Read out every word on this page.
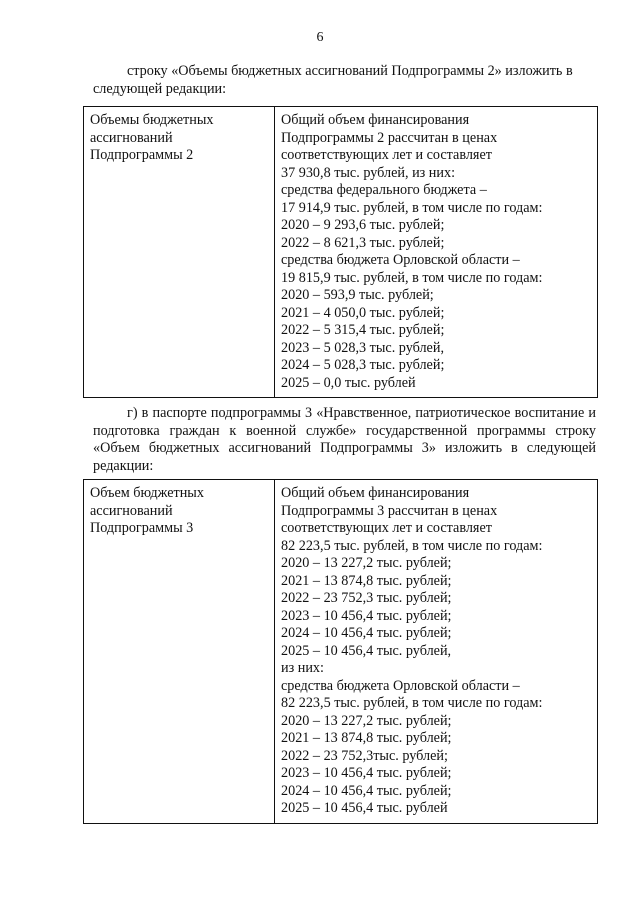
6

строку «Объемы бюджетных ассигнований Подпрограммы 2» изложить в следующей редакции:

Объемы бюджетных
ассигнований
Подпрограммы 2

Общий объем финансирования
Подпрограммы 2 рассчитан в ценах
соответствующих лет и составляет
37 930,8 тыс. рублей, из них:
средства федерального бюджета –
17 914,9 тыс. рублей, в том числе по годам:
2020 – 9 293,6 тыс. рублей;
2022 – 8 621,3 тыс. рублей;
средства бюджета Орловской области –
19 815,9 тыс. рублей, в том числе по годам:
2020 – 593,9 тыс. рублей;
2021 – 4 050,0 тыс. рублей;
2022 – 5 315,4 тыс. рублей;
2023 – 5 028,3 тыс. рублей,
2024 – 5 028,3 тыс. рублей;
2025 – 0,0 тыс. рублей

г) в паспорте подпрограммы 3 «Нравственное, патриотическое воспитание и подготовка граждан к военной службе» государственной программы строку «Объем бюджетных ассигнований Подпрограммы 3» изложить в следующей редакции:

Объем бюджетных
ассигнований
Подпрограммы 3

Общий объем финансирования
Подпрограммы 3 рассчитан в ценах
соответствующих лет и составляет
82 223,5 тыс. рублей, в том числе по годам:
2020 – 13 227,2 тыс. рублей;
2021 – 13 874,8 тыс. рублей;
2022 – 23 752,3 тыс. рублей;
2023 – 10 456,4 тыс. рублей;
2024 – 10 456,4 тыс. рублей;
2025 – 10 456,4 тыс. рублей,
из них:
средства бюджета Орловской области –
82 223,5 тыс. рублей, в том числе по годам:
2020 – 13 227,2 тыс. рублей;
2021 – 13 874,8 тыс. рублей;
2022 – 23 752,3тыс. рублей;
2023 – 10 456,4 тыс. рублей;
2024 – 10 456,4 тыс. рублей;
2025 – 10 456,4 тыс. рублей
